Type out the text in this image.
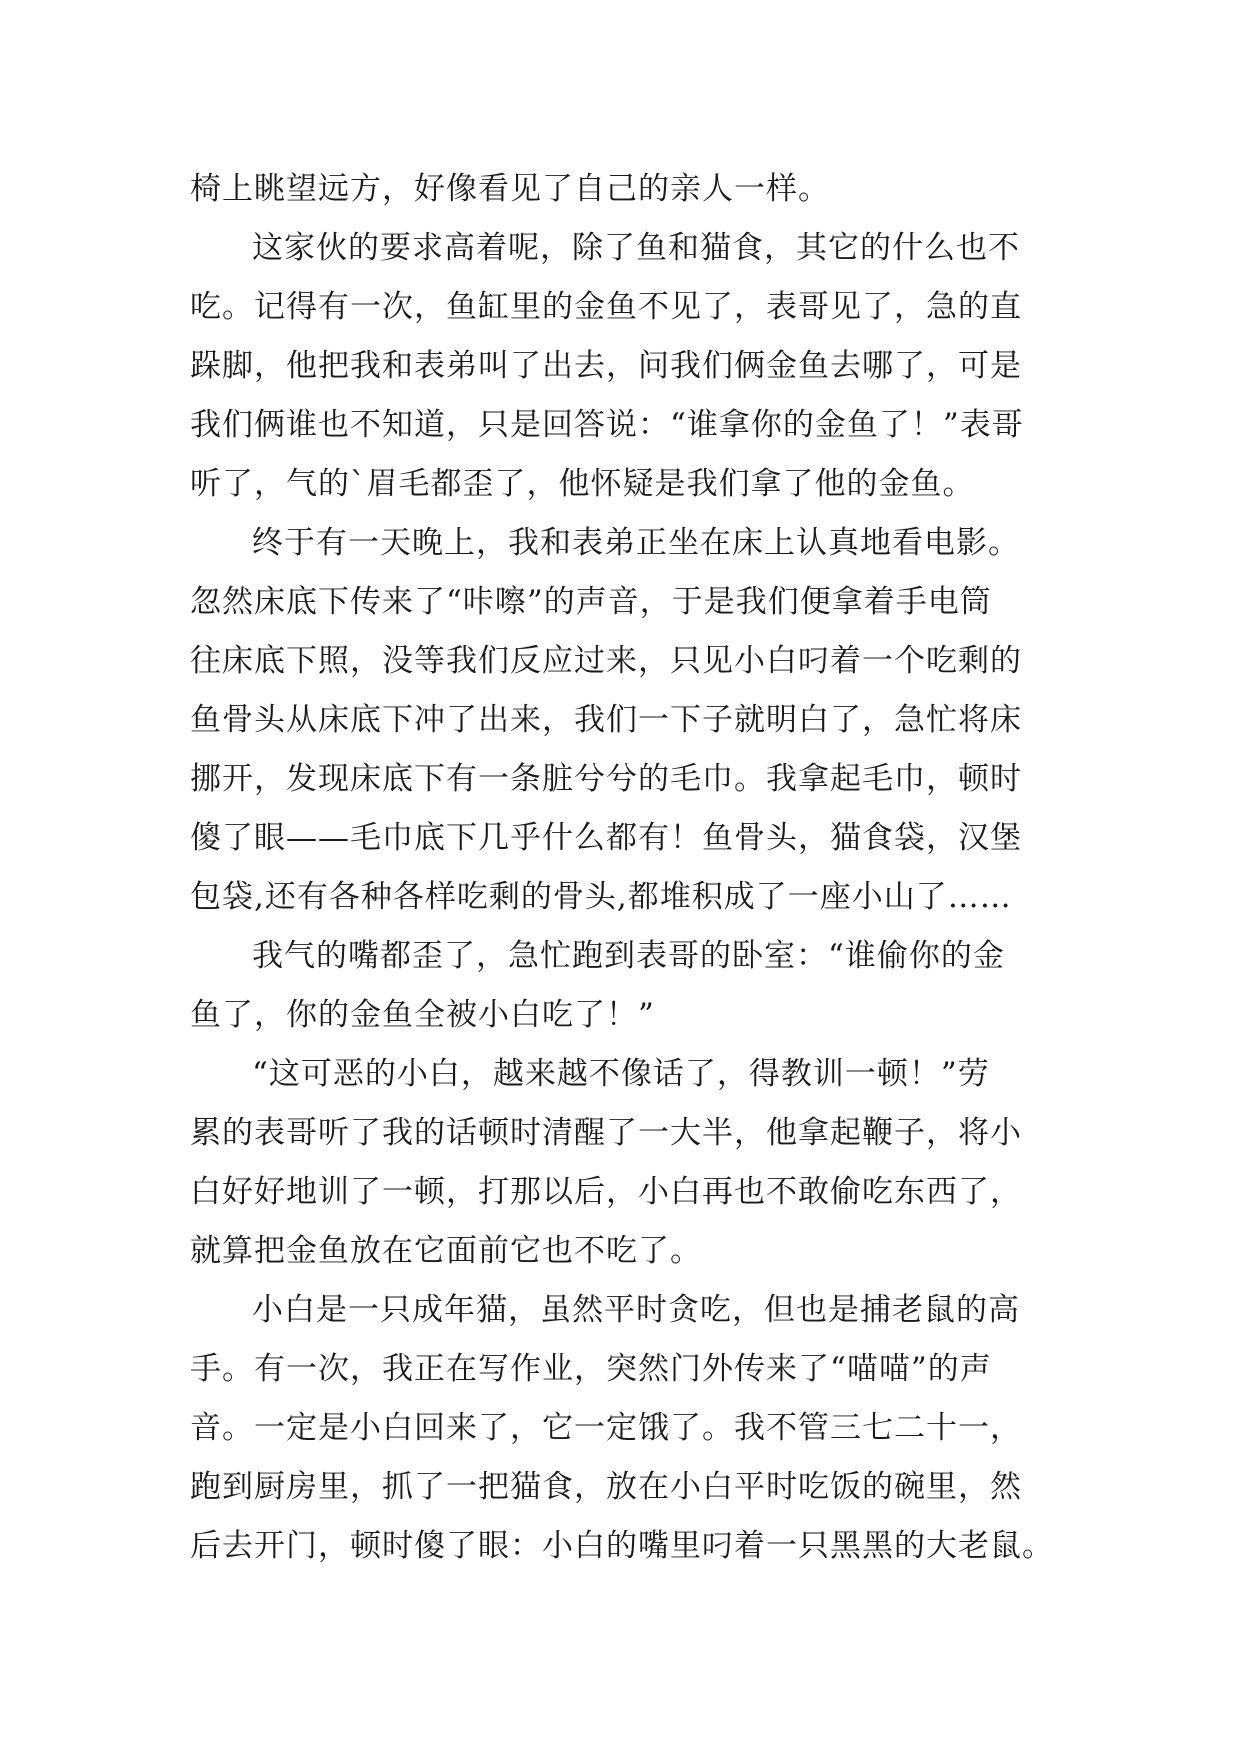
椅上眺望远方，好像看见了自己的亲人一样。
这家伙的要求高着呢，除了鱼和猫食，其它的什么也不
吃。记得有一次，鱼缸里的金鱼不见了，表哥见了，急的直
跺脚，他把我和表弟叫了出去，问我们俩金鱼去哪了，可是
我们俩谁也不知道，只是回答说：“谁拿你的金鱼了！”表哥
听了，气的`眉毛都歪了，他怀疑是我们拿了他的金鱼。
终于有一天晚上，我和表弟正坐在床上认真地看电影。
忽然床底下传来了“咔嚓”的声音，于是我们便拿着手电筒
往床底下照，没等我们反应过来，只见小白叼着一个吃剩的
鱼骨头从床底下冲了出来，我们一下子就明白了，急忙将床
挪开，发现床底下有一条脏兮兮的毛巾。我拿起毛巾，顿时
傻了眼——毛巾底下几乎什么都有！鱼骨头，猫食袋，汉堡
包袋,还有各种各样吃剩的骨头,都堆积成了一座小山了……
我气的嘴都歪了，急忙跑到表哥的卧室：“谁偷你的金
鱼了，你的金鱼全被小白吃了！”
“这可恶的小白，越来越不像话了，得教训一顿！”劳
累的表哥听了我的话顿时清醒了一大半，他拿起鞭子，将小
白好好地训了一顿，打那以后，小白再也不敢偷吃东西了，
就算把金鱼放在它面前它也不吃了。
小白是一只成年猫，虽然平时贪吃，但也是捕老鼠的高
手。有一次，我正在写作业，突然门外传来了“喵喵”的声
音。一定是小白回来了，它一定饿了。我不管三七二十一，
跑到厨房里，抓了一把猫食，放在小白平时吃饭的碗里，然
后去开门，顿时傻了眼：小白的嘴里叼着一只黑黑的大老鼠。
